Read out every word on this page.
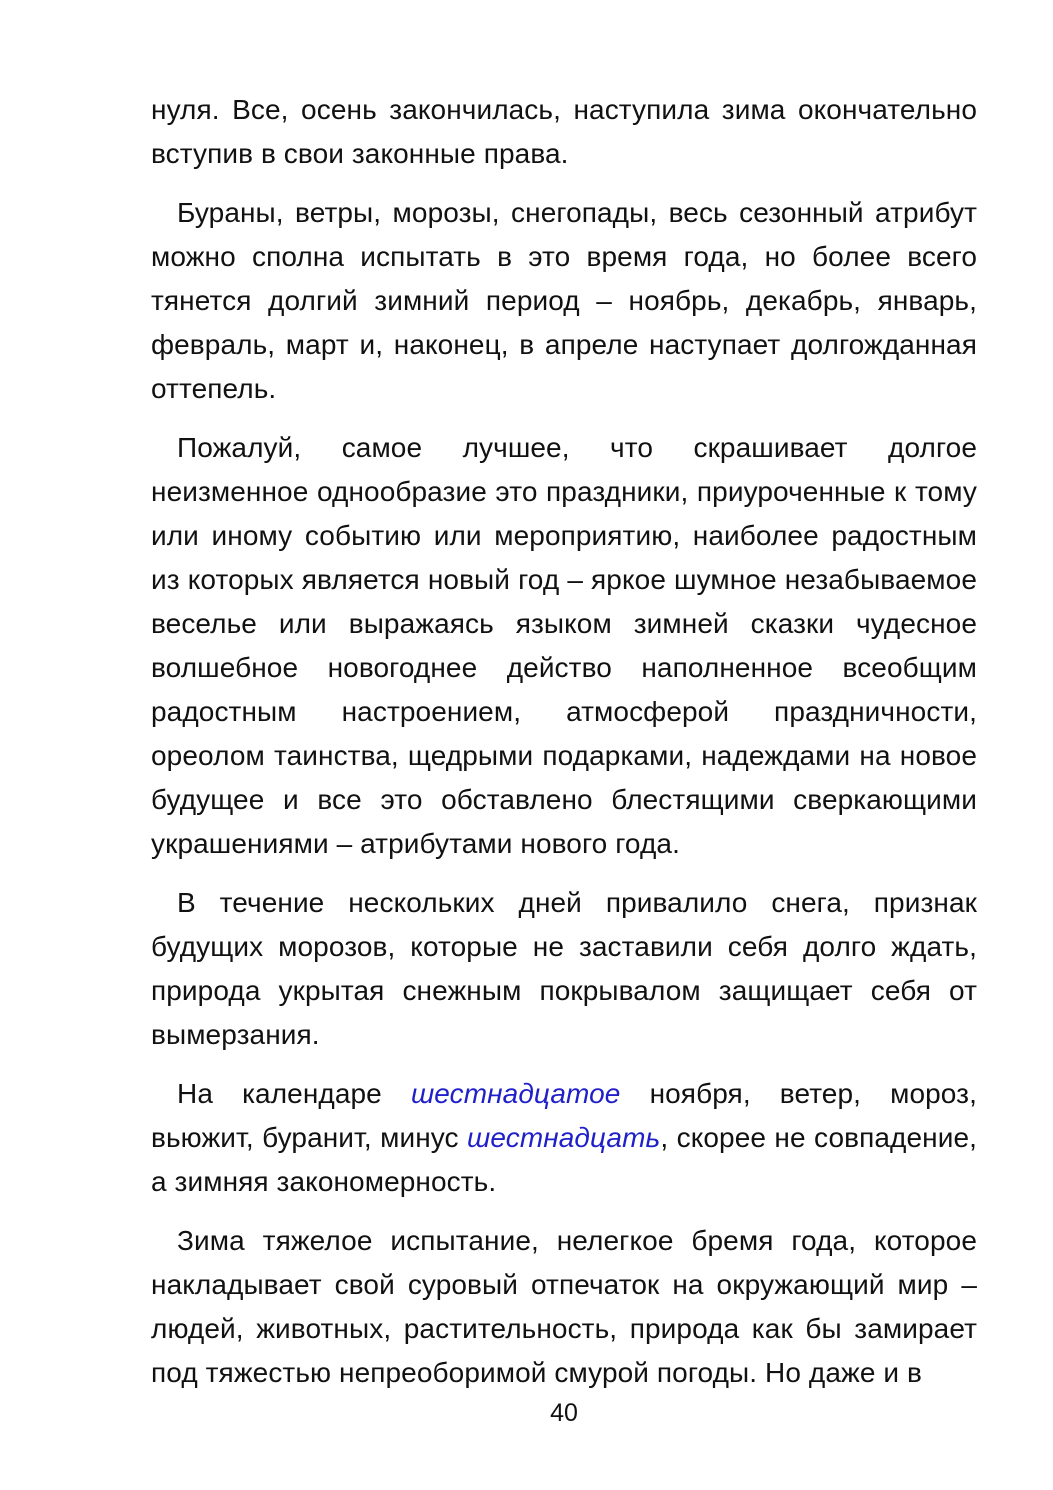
нуля. Все, осень закончилась, наступила зима окончательно вступив в свои законные права.

Бураны, ветры, морозы, снегопады, весь сезонный атрибут можно сполна испытать в это время года, но более всего тянется долгий зимний период – ноябрь, декабрь, январь, февраль, март и, наконец, в апреле наступает долгожданная оттепель.

Пожалуй, самое лучшее, что скрашивает долгое неизменное однообразие это праздники, приуроченные к тому или иному событию или мероприятию, наиболее радостным из которых является новый год – яркое шумное незабываемое веселье или выражаясь языком зимней сказки чудесное волшебное новогоднее действо наполненное всеобщим радостным настроением, атмосферой праздничности, ореолом таинства, щедрыми подарками, надеждами на новое будущее и все это обставлено блестящими сверкающими украшениями – атрибутами нового года.

В течение нескольких дней привалило снега, признак будущих морозов, которые не заставили себя долго ждать, природа укрытая снежным покрывалом защищает себя от вымерзания.

На календаре шестнадцатое ноября, ветер, мороз, вьюжит, буранит, минус шестнадцать, скорее не совпадение, а зимняя закономерность.

Зима тяжелое испытание, нелегкое бремя года, которое накладывает свой суровый отпечаток на окружающий мир – людей, животных, растительность, природа как бы замирает под тяжестью непреоборимой смурой погоды. Но даже и в

40
